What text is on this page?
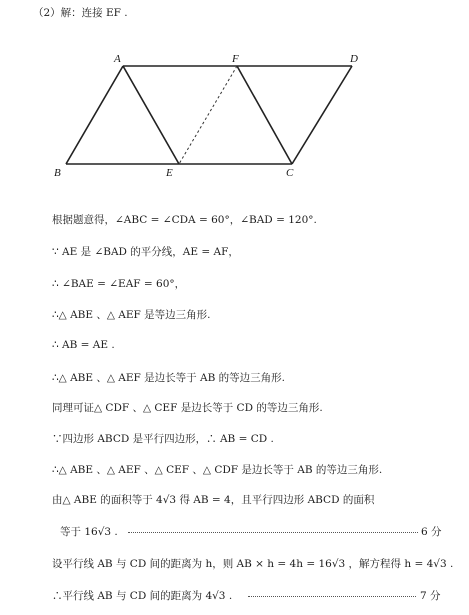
（2）解：连接 EF .
A	F	D
B	E	C
根据题意得，∠ABC = ∠CDA = 60°，∠BAD = 120°.
∵ AE 是 ∠BAD 的平分线，AE = AF，
∴ ∠BAE = ∠EAF = 60°，
∴△ ABE 、△ AEF 是等边三角形.
∴ AB = AE .
∴△ ABE 、△ AEF 是边长等于 AB 的等边三角形.
同理可证△ CDF 、△ CEF 是边长等于 CD 的等边三角形.
∵四边形 ABCD 是平行四边形，∴ AB = CD .
∴△ ABE 、△ AEF 、△ CEF 、△ CDF 是边长等于 AB 的等边三角形.
由△ ABE 的面积等于 4√3 得 AB = 4，且平行四边形 ABCD 的面积
等于 16√3 .	6 分
设平行线 AB 与 CD 间的距离为 h，则 AB × h = 4h = 16√3 ，解方程得 h = 4√3 .
∴平行线 AB 与 CD 间的距离为 4√3 .	7 分
